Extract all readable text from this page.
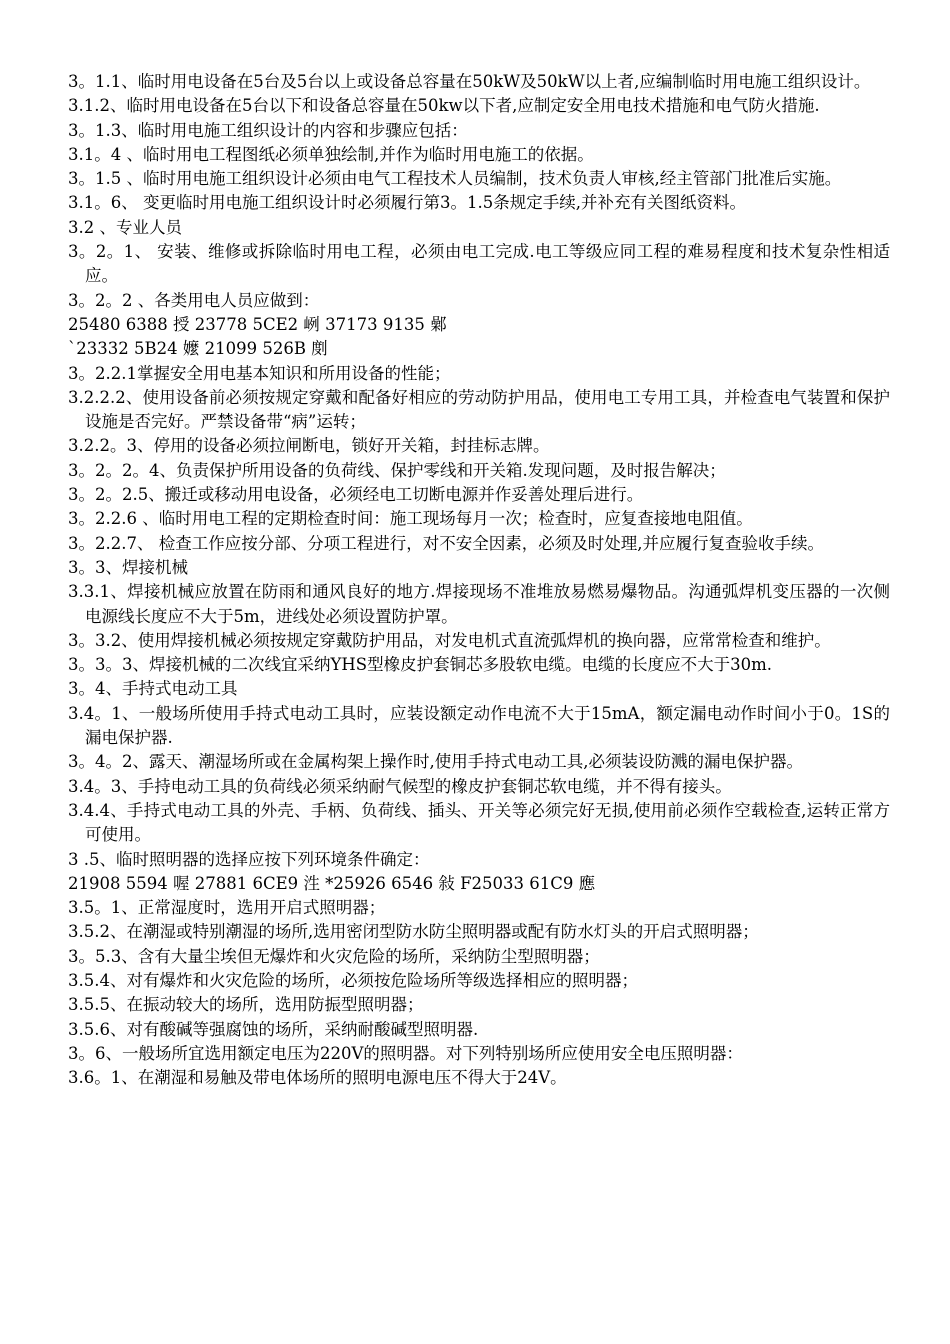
3。1.1、临时用电设备在5台及5台以上或设备总容量在50kW及50kW以上者,应编制临时用电施工组织设计。

3.1.2、临时用电设备在5台以下和设备总容量在50kw以下者,应制定安全用电技术措施和电气防火措施.

3。1.3、临时用电施工组织设计的内容和步骤应包括：

3.1。4 、临时用电工程图纸必须单独绘制,并作为临时用电施工的依据。

3。1.5 、临时用电施工组织设计必须由电气工程技术人员编制，技术负责人审核,经主管部门批准后实施。

3.1。6、 变更临时用电施工组织设计时必须履行第3。1.5条规定手续,并补充有关图纸资料。

3.2 、专业人员

3。2。1、 安装、维修或拆除临时用电工程，必须由电工完成.电工等级应同工程的难易程度和技术复杂性相适应。

3。2。2 、各类用电人员应做到：

25480 6388 授 23778 5CE2 峢 37173 9135 鄵

`23332 5B24 嬤 21099 526B 剫

3。2.2.1掌握安全用电基本知识和所用设备的性能；

3.2.2.2、使用设备前必须按规定穿戴和配备好相应的劳动防护用品，使用电工专用工具，并检查电气装置和保护设施是否完好。严禁设备带“病”运转；

3.2.2。3、停用的设备必须拉闸断电，锁好开关箱，封挂标志牌。

3。2。2。4、负责保护所用设备的负荷线、保护零线和开关箱.发现问题，及时报告解决；

3。2。2.5、搬迁或移动用电设备，必须经电工切断电源并作妥善处理后进行。

3。2.2.6 、临时用电工程的定期检查时间：施工现场每月一次；检查时，应复查接地电阻值。

3。2.2.7、 检查工作应按分部、分项工程进行，对不安全因素，必须及时处理,并应履行复查验收手续。

3。3、焊接机械

3.3.1、焊接机械应放置在防雨和通风良好的地方.焊接现场不准堆放易燃易爆物品。沟通弧焊机变压器的一次侧电源线长度应不大于5m，进线处必须设置防护罩。

3。3.2、使用焊接机械必须按规定穿戴防护用品，对发电机式直流弧焊机的换向器，应常常检查和维护。

3。3。3、焊接机械的二次线宜采纳YHS型橡皮护套铜芯多股软电缆。电缆的长度应不大于30m.

3。4、手持式电动工具

3.4。1、一般场所使用手持式电动工具时，应装设额定动作电流不大于15mA，额定漏电动作时间小于0。1S的漏电保护器.

3。4。2、露天、潮湿场所或在金属构架上操作时,使用手持式电动工具,必须装设防溅的漏电保护器。

3.4。3、手持电动工具的负荷线必须采纳耐气候型的橡皮护套铜芯软电缆，并不得有接头。

3.4.4、手持式电动工具的外壳、手柄、负荷线、插头、开关等必须完好无损,使用前必须作空载检查,运转正常方可使用。

3 .5、临时照明器的选择应按下列环境条件确定：

21908 5594 喔 27881 6CE9 泩 *25926 6546 敍 F25033 61C9 應

3.5。1、正常湿度时，选用开启式照明器；

3.5.2、在潮湿或特别潮湿的场所,选用密闭型防水防尘照明器或配有防水灯头的开启式照明器；

3。5.3、含有大量尘埃但无爆炸和火灾危险的场所，采纳防尘型照明器；

3.5.4、对有爆炸和火灾危险的场所，必须按危险场所等级选择相应的照明器；

3.5.5、在振动较大的场所，选用防振型照明器；

3.5.6、对有酸碱等强腐蚀的场所，采纳耐酸碱型照明器.

3。6、一般场所宜选用额定电压为220V的照明器。对下列特别场所应使用安全电压照明器：

3.6。1、在潮湿和易触及带电体场所的照明电源电压不得大于24V。
